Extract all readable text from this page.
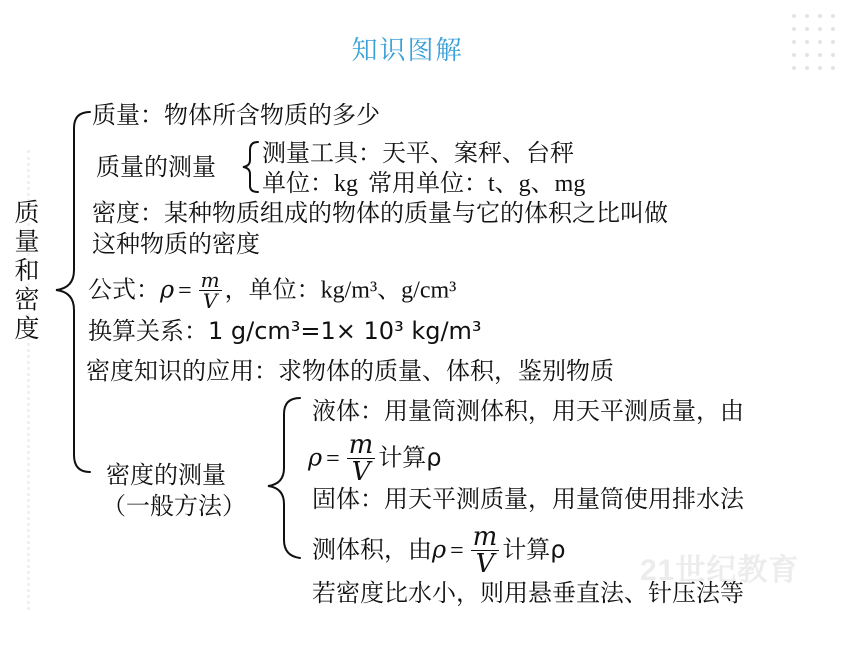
21世纪教育
知识图解
质量和密度
质量：物体所含物质的多少
质量的测量 测量工具：天平、案秤、台秤
单位：kg 常用单位：t、g、mg
密度：某种物质组成的物体的质量与它的体积之比叫做
这种物质的密度
公式：$\rho = \frac{m}{V}$ ，单位：kg/m³、g/cm³
换算关系：1 g/cm³=1× 10³ kg/m³
密度知识的应用：求物体的质量、体积，鉴别物质
密度的测量
（一般方法）
液体：用量筒测体积，用天平测质量，由
$\rho = \frac{m}{V}$ 计算ρ
固体：用天平测质量，用量筒使用排水法
测体积，由$\rho = \frac{m}{V}$ 计算ρ
若密度比水小，则用悬垂直法、针压法等
